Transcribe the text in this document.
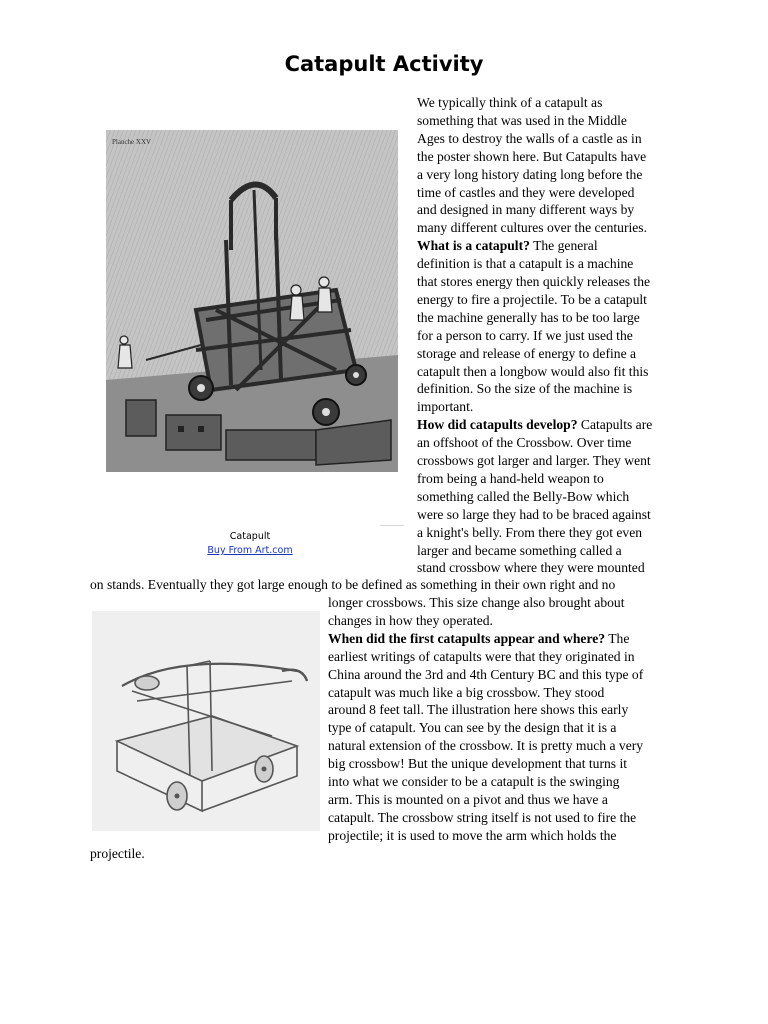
Catapult Activity
Planche XXV
Catapult
Buy From Art.com
We typically think of a catapult as
something that was used in the Middle
Ages to destroy the walls of a castle as in
the poster shown here. But Catapults have
a very long history dating long before the
time of castles and they were developed
and designed in many different ways by
many different cultures over the centuries.
What is a catapult? The general
definition is that a catapult is a machine
that stores energy then quickly releases the
energy to fire a projectile. To be a catapult
the machine generally has to be too large
for a person to carry. If we just used the
storage and release of energy to define a
catapult then a longbow would also fit this
definition. So the size of the machine is
important.
How did catapults develop? Catapults are
an offshoot of the Crossbow. Over time
crossbows got larger and larger. They went
from being a hand-held weapon to
something called the Belly-Bow which
were so large they had to be braced against
a knight's belly. From there they got even
larger and became something called a
stand crossbow where they were mounted
on stands. Eventually they got large enough to be defined as something in their own right and no
longer crossbows. This size change also brought about
changes in how they operated.
When did the first catapults appear and where? The
earliest writings of catapults were that they originated in
China around the 3rd and 4th Century BC and this type of
catapult was much like a big crossbow. They stood
around 8 feet tall. The illustration here shows this early
type of catapult. You can see by the design that it is a
natural extension of the crossbow. It is pretty much a very
big crossbow! But the unique development that turns it
into what we consider to be a catapult is the swinging
arm. This is mounted on a pivot and thus we have a
catapult. The crossbow string itself is not used to fire the
projectile; it is used to move the arm which holds the
projectile.
